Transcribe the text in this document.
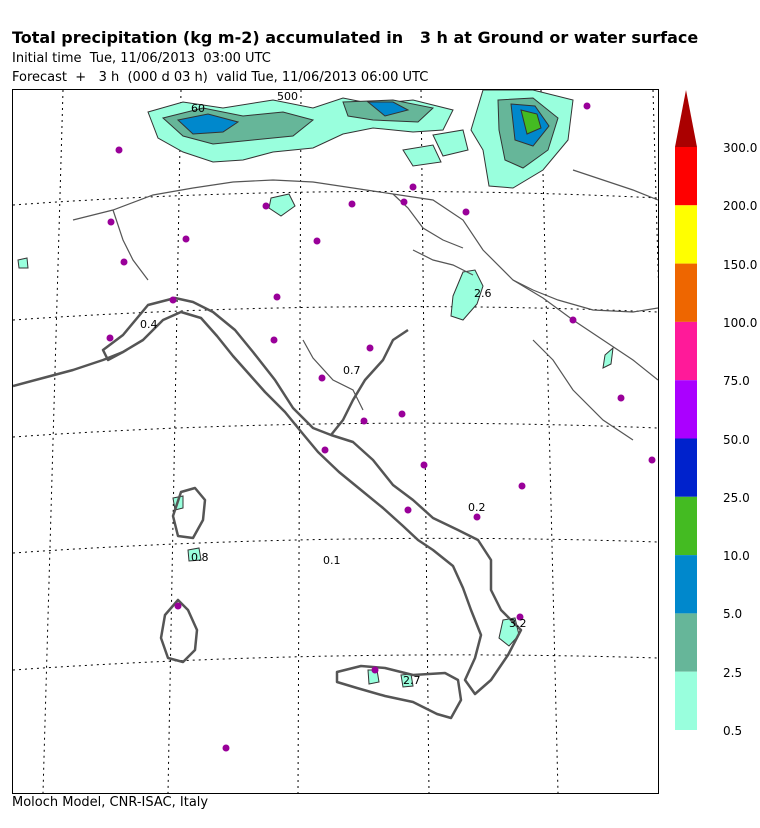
Total precipitation (kg m-2) accumulated in   3 h at Ground or water surface
Initial time  Tue, 11/06/2013  03:00 UTC
Forecast  +   3 h  (000 d 03 h)  valid Tue, 11/06/2013 06:00 UTC
500
0.4
0.7
2.6
0.2
0.1
0.8
3.2
2.7
60
300.0
200.0
150.0
100.0
75.0
50.0
25.0
10.0
5.0
2.5
0.5
Moloch Model, CNR-ISAC, Italy
